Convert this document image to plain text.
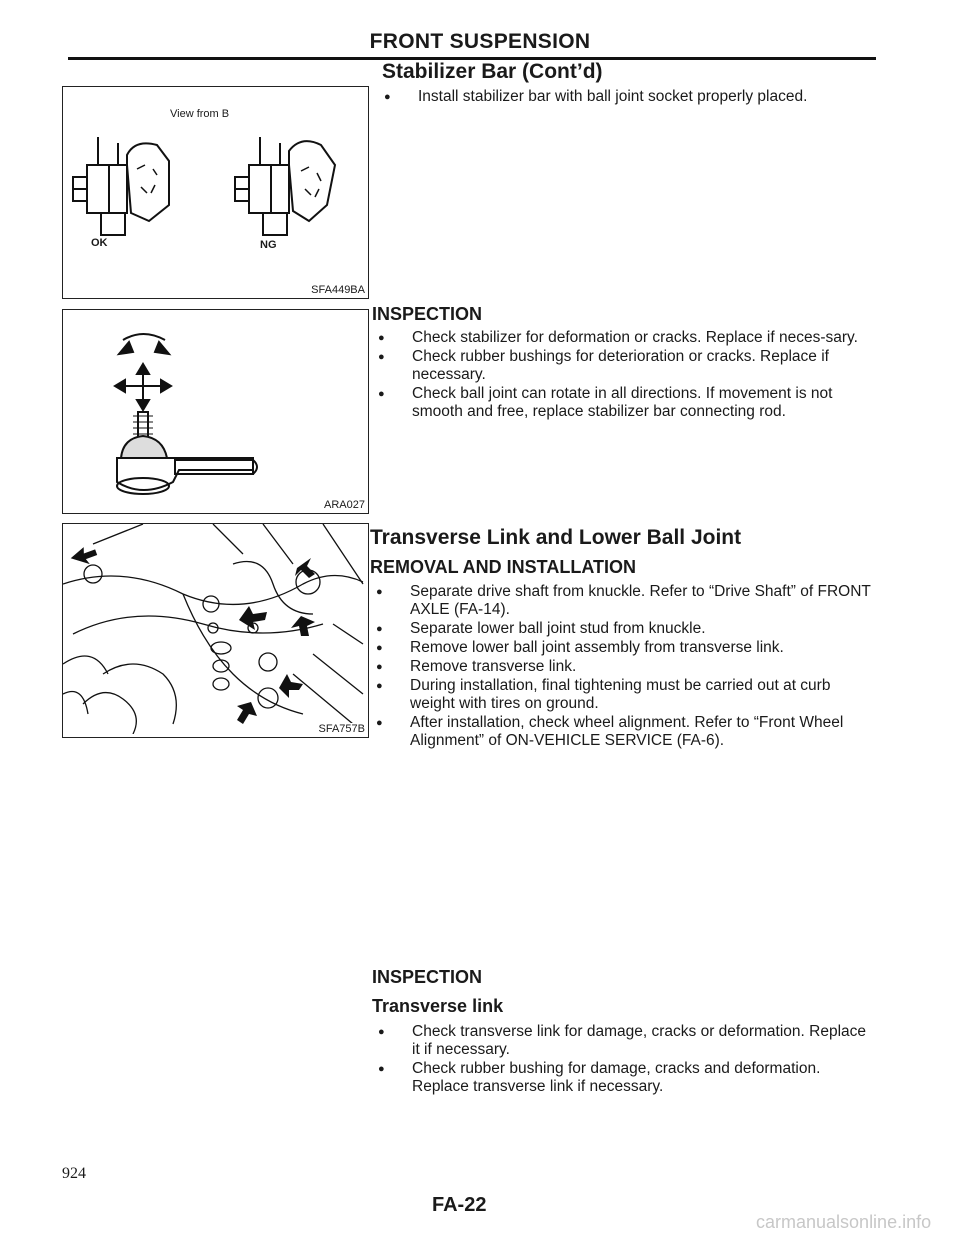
FRONT SUSPENSION
View from B
OK	NG
SFA449BA
ARA027
SFA757B
Stabilizer Bar (Cont’d)
● Install stabilizer bar with ball joint socket properly placed.
INSPECTION
● Check stabilizer for deformation or cracks. Replace if neces-sary.
● Check rubber bushings for deterioration or cracks. Replace if necessary.
● Check ball joint can rotate in all directions. If movement is not smooth and free, replace stabilizer bar connecting rod.
Transverse Link and Lower Ball Joint
REMOVAL AND INSTALLATION
● Separate drive shaft from knuckle. Refer to “Drive Shaft” of FRONT AXLE (FA-14).
● Separate lower ball joint stud from knuckle.
● Remove lower ball joint assembly from transverse link.
● Remove transverse link.
● During installation, final tightening must be carried out at curb weight with tires on ground.
● After installation, check wheel alignment. Refer to “Front Wheel Alignment” of ON-VEHICLE SERVICE (FA-6).
INSPECTION
Transverse link
● Check transverse link for damage, cracks or deformation. Replace it if necessary.
● Check rubber bushing for damage, cracks and deformation. Replace transverse link if necessary.
924
FA-22
carmanualsonline.info
